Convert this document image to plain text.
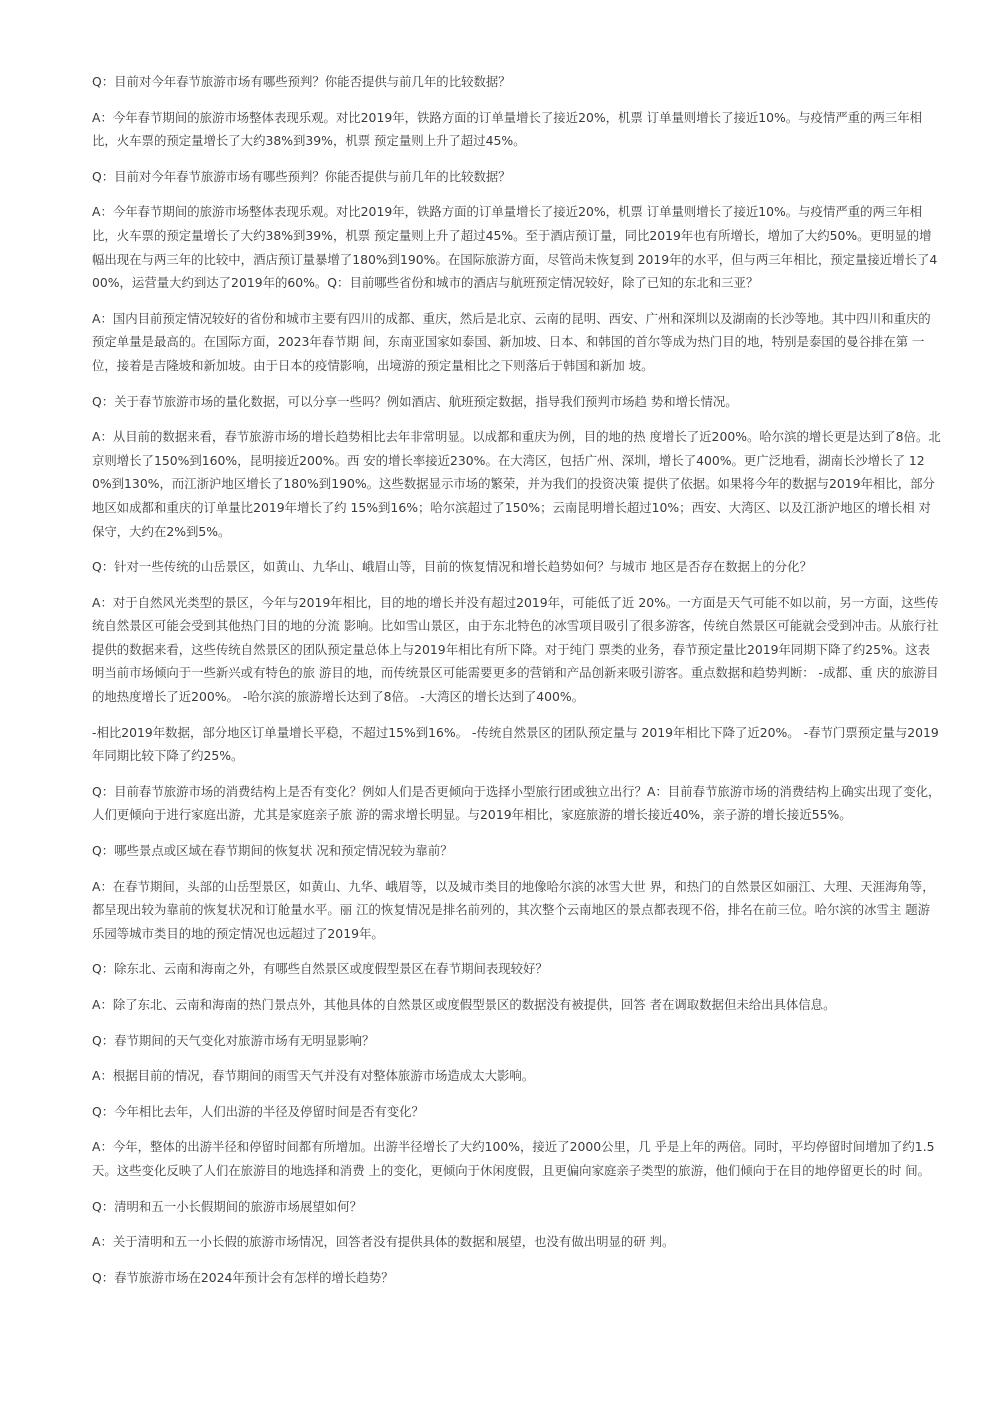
Q：目前对今年春节旅游市场有哪些预判？你能否提供与前几年的比较数据？

A：今年春节期间的旅游市场整体表现乐观。对比2019年，铁路方面的订单量增长了接近20%，机票 订单量则增长了接近10%。与疫情严重的两三年相比，火车票的预定量增长了大约38%到39%，机票 预定量则上升了超过45%。

Q：目前对今年春节旅游市场有哪些预判？你能否提供与前几年的比较数据？

A：今年春节期间的旅游市场整体表现乐观。对比2019年，铁路方面的订单量增长了接近20%，机票 订单量则增长了接近10%。与疫情严重的两三年相比，火车票的预定量增长了大约38%到39%，机票 预定量则上升了超过45%。至于酒店预订量，同比2019年也有所增长，增加了大约50%。更明显的增 幅出现在与两三年的比较中，酒店预订量暴增了180%到190%。在国际旅游方面，尽管尚未恢复到 2019年的水平，但与两三年相比，预定量接近增长了400%，运营量大约到达了2019年的60%。Q：目前哪些省份和城市的酒店与航班预定情况较好，除了已知的东北和三亚？

A：国内目前预定情况较好的省份和城市主要有四川的成都、重庆，然后是北京、云南的昆明、西安、广州和深圳以及湖南的长沙等地。其中四川和重庆的预定单量是最高的。在国际方面，2023年春节期 间，东南亚国家如泰国、新加坡、日本、和韩国的首尔等成为热门目的地，特别是泰国的曼谷排在第 一位，接着是吉隆坡和新加坡。由于日本的疫情影响，出境游的预定量相比之下则落后于韩国和新加 坡。

Q：关于春节旅游市场的量化数据，可以分享一些吗？例如酒店、航班预定数据，指导我们预判市场趋 势和增长情况。

A：从目前的数据来看，春节旅游市场的增长趋势相比去年非常明显。以成都和重庆为例，目的地的热 度增长了近200%。哈尔滨的增长更是达到了8倍。北京则增长了150%到160%，昆明接近200%。西 安的增长率接近230%。在大湾区，包括广州、深圳，增长了400%。更广泛地看，湖南长沙增长了 120%到130%，而江浙沪地区增长了180%到190%。这些数据显示市场的繁荣，并为我们的投资决策 提供了依据。如果将今年的数据与2019年相比，部分地区如成都和重庆的订单量比2019年增长了约 15%到16%；哈尔滨超过了150%；云南昆明增长超过10%；西安、大湾区、以及江浙沪地区的增长相 对保守，大约在2%到5%。

Q：针对一些传统的山岳景区，如黄山、九华山、峨眉山等，目前的恢复情况和增长趋势如何？与城市 地区是否存在数据上的分化？

A：对于自然风光类型的景区，今年与2019年相比，目的地的增长并没有超过2019年，可能低了近 20%。一方面是天气可能不如以前，另一方面，这些传统自然景区可能会受到其他热门目的地的分流 影响。比如雪山景区，由于东北特色的冰雪项目吸引了很多游客，传统自然景区可能就会受到冲击。从旅行社提供的数据来看，这些传统自然景区的团队预定量总体上与2019年相比有所下降。对于纯门 票类的业务，春节预定量比2019年同期下降了约25%。这表明当前市场倾向于一些新兴或有特色的旅 游目的地，而传统景区可能需要更多的营销和产品创新来吸引游客。重点数据和趋势判断： -成都、重 庆的旅游目的地热度增长了近200%。 -哈尔滨的旅游增长达到了8倍。 -大湾区的增长达到了400%。

-相比2019年数据，部分地区订单量增长平稳，不超过15%到16%。 -传统自然景区的团队预定量与 2019年相比下降了近20%。 -春节门票预定量与2019年同期比较下降了约25%。

Q：目前春节旅游市场的消费结构上是否有变化？例如人们是否更倾向于选择小型旅行团或独立出行？A：目前春节旅游市场的消费结构上确实出现了变化，人们更倾向于进行家庭出游，尤其是家庭亲子旅 游的需求增长明显。与2019年相比，家庭旅游的增长接近40%，亲子游的增长接近55%。

Q：哪些景点或区域在春节期间的恢复状 况和预定情况较为靠前？

A：在春节期间，头部的山岳型景区，如黄山、九华、峨眉等，以及城市类目的地像哈尔滨的冰雪大世 界，和热门的自然景区如丽江、大理、天涯海角等，都呈现出较为靠前的恢复状况和订舱量水平。丽 江的恢复情况是排名前列的，其次整个云南地区的景点都表现不俗，排名在前三位。哈尔滨的冰雪主 题游乐园等城市类目的地的预定情况也远超过了2019年。

Q：除东北、云南和海南之外，有哪些自然景区或度假型景区在春节期间表现较好？

A：除了东北、云南和海南的热门景点外，其他具体的自然景区或度假型景区的数据没有被提供，回答 者在调取数据但未给出具体信息。

Q：春节期间的天气变化对旅游市场有无明显影响？

A：根据目前的情况，春节期间的雨雪天气并没有对整体旅游市场造成太大影响。

Q：今年相比去年，人们出游的半径及停留时间是否有变化？

A：今年，整体的出游半径和停留时间都有所增加。出游半径增长了大约100%，接近了2000公里，几 乎是上年的两倍。同时，平均停留时间增加了约1.5天。这些变化反映了人们在旅游目的地选择和消费 上的变化，更倾向于休闲度假，且更偏向家庭亲子类型的旅游，他们倾向于在目的地停留更长的时 间。

Q：清明和五一小长假期间的旅游市场展望如何？

A：关于清明和五一小长假的旅游市场情况，回答者没有提供具体的数据和展望，也没有做出明显的研 判。

Q：春节旅游市场在2024年预计会有怎样的增长趋势？
